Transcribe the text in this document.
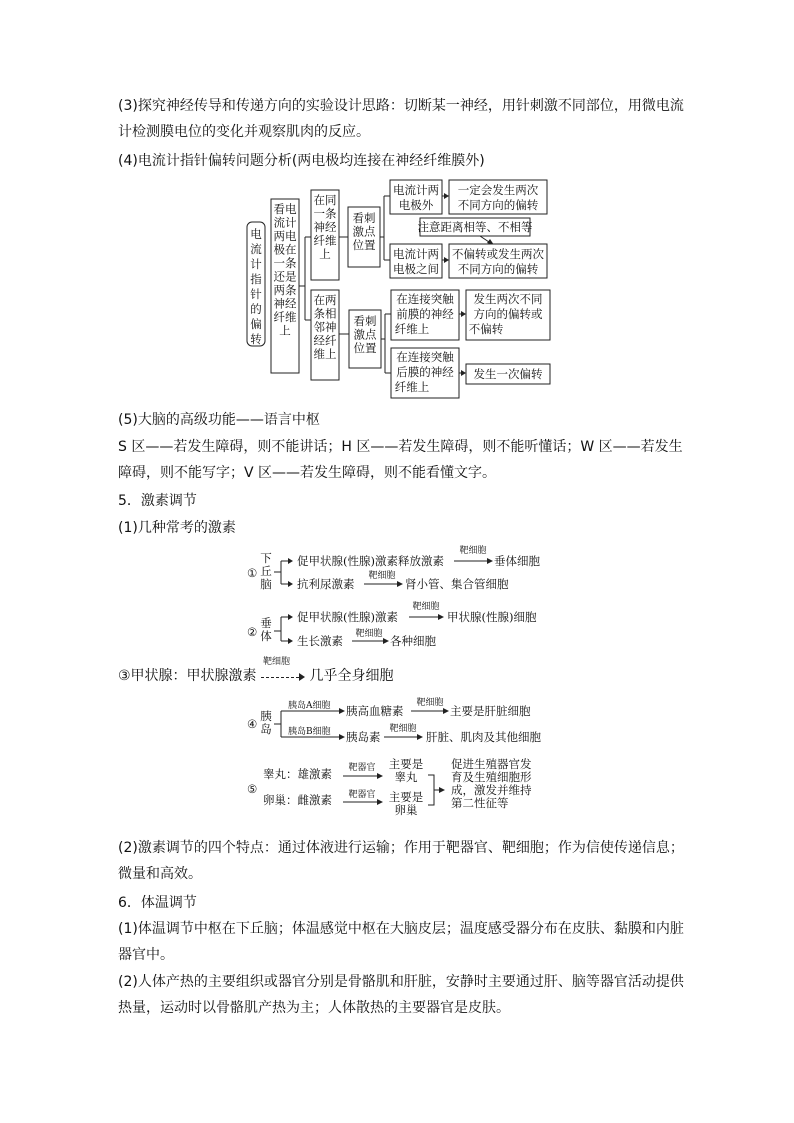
(3)探究神经传导和传递方向的实验设计思路：切断某一神经，用针刺激不同部位，用微电流计检测膜电位的变化并观察肌肉的反应。
(4)电流计指针偏转问题分析(两电极均连接在神经纤维膜外)
电流计指针的偏转
看电流计两电极在一条还是两条神经纤维上
在同一条神经纤维上
在两条相邻神经纤维上
看刺激点位置
看刺激点位置
电流计两
电极外
一定会发生两次
不同方向的偏转
注意距离相等、不相等
电流计两
电极之间
不偏转或发生两次
不同方向的偏转
在连接突触
前膜的神经
纤维上
发生两次不同
方向的偏转或
不偏转
在连接突触
后膜的神经
纤维上
发生一次偏转
(5)大脑的高级功能——语言中枢
S 区——若发生障碍，则不能讲话；H 区——若发生障碍，则不能听懂话；W 区——若发生障碍，则不能写字；V 区——若发生障碍，则不能看懂文字。
5．激素调节
(1)几种常考的激素
①
下丘脑
促甲状腺(性腺)激素释放激素
靶细胞
垂体细胞
抗利尿激素
靶细胞
肾小管、集合管细胞
②
垂体
促甲状腺(性腺)激素
靶细胞
甲状腺(性腺)细胞
生长激素 靶细胞 各种细胞
③甲状腺：甲状腺激素
靶细胞
几乎全身细胞
④
胰岛
胰岛A细胞 胰高血糖素
靶细胞
主要是肝脏细胞
胰岛B细胞 胰岛素
靶细胞
肝脏、肌肉及其他细胞
⑤
睾丸：雄激素 靶器官 主要是睾丸
卵巢：雌激素 靶器官 主要是卵巢
促进生殖器官发育及生殖细胞形成，激发并维持第二性征等
(2)激素调节的四个特点：通过体液进行运输；作用于靶器官、靶细胞；作为信使传递信息；微量和高效。
6．体温调节
(1)体温调节中枢在下丘脑；体温感觉中枢在大脑皮层；温度感受器分布在皮肤、黏膜和内脏器官中。
(2)人体产热的主要组织或器官分别是骨骼肌和肝脏，安静时主要通过肝、脑等器官活动提供热量，运动时以骨骼肌产热为主；人体散热的主要器官是皮肤。
